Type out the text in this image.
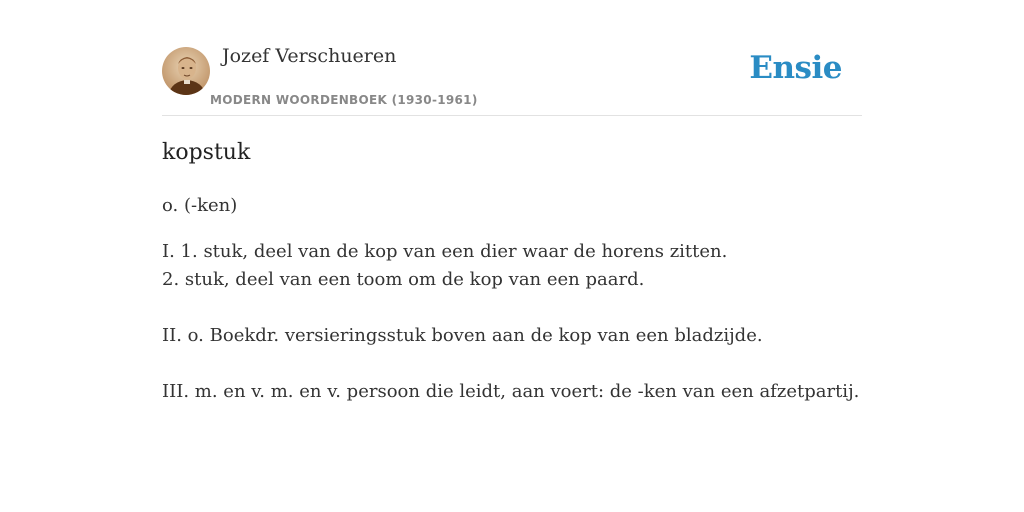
Jozef Verschueren
MODERN WOORDENBOEK (1930-1961)
Ensie
kopstuk
o. (-ken)
I. 1. stuk, deel van de kop van een dier waar de horens zitten.
2. stuk, deel van een toom om de kop van een paard.
II. o. Boekdr. versieringsstuk boven aan de kop van een bladzijde.
III. m. en v. m. en v. persoon die leidt, aan voert: de -ken van een afzetpartij.
